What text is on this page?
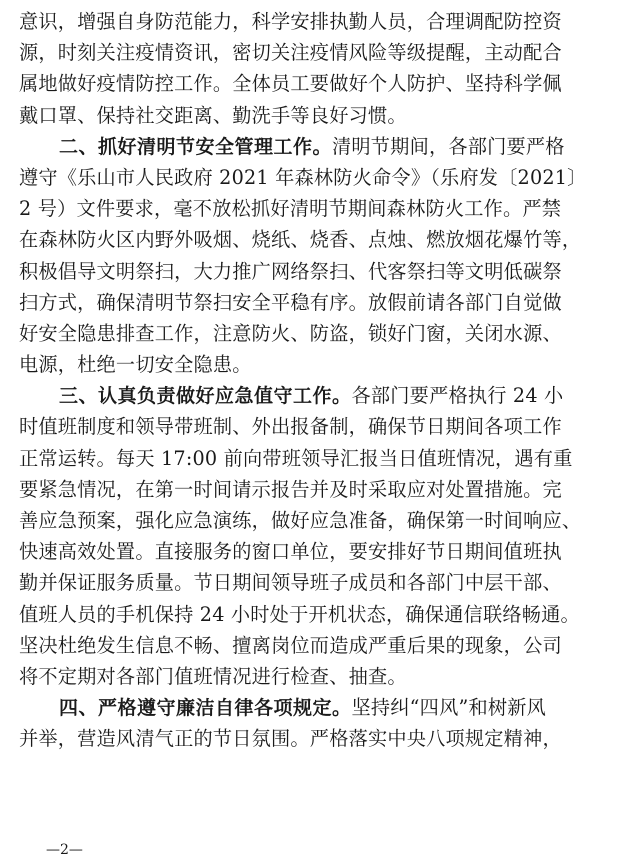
意识，增强自身防范能力，科学安排执勤人员，合理调配防控资
源，时刻关注疫情资讯，密切关注疫情风险等级提醒，主动配合
属地做好疫情防控工作。全体员工要做好个人防护、坚持科学佩
戴口罩、保持社交距离、勤洗手等良好习惯。
二、抓好清明节安全管理工作。清明节期间，各部门要严格
遵守《乐山市人民政府 2021 年森林防火命令》（乐府发〔2021〕
2 号）文件要求，毫不放松抓好清明节期间森林防火工作。严禁
在森林防火区内野外吸烟、烧纸、烧香、点烛、燃放烟花爆竹等，
积极倡导文明祭扫，大力推广网络祭扫、代客祭扫等文明低碳祭
扫方式，确保清明节祭扫安全平稳有序。放假前请各部门自觉做
好安全隐患排查工作，注意防火、防盗，锁好门窗，关闭水源、
电源，杜绝一切安全隐患。
三、认真负责做好应急值守工作。各部门要严格执行 24 小
时值班制度和领导带班制、外出报备制，确保节日期间各项工作
正常运转。每天 17:00 前向带班领导汇报当日值班情况，遇有重
要紧急情况，在第一时间请示报告并及时采取应对处置措施。完
善应急预案，强化应急演练，做好应急准备，确保第一时间响应、
快速高效处置。直接服务的窗口单位，要安排好节日期间值班执
勤并保证服务质量。节日期间领导班子成员和各部门中层干部、
值班人员的手机保持 24 小时处于开机状态，确保通信联络畅通。
坚决杜绝发生信息不畅、擅离岗位而造成严重后果的现象，公司
将不定期对各部门值班情况进行检查、抽查。
四、严格遵守廉洁自律各项规定。坚持纠“四风”和树新风
并举，营造风清气正的节日氛围。严格落实中央八项规定精神，
—2—
